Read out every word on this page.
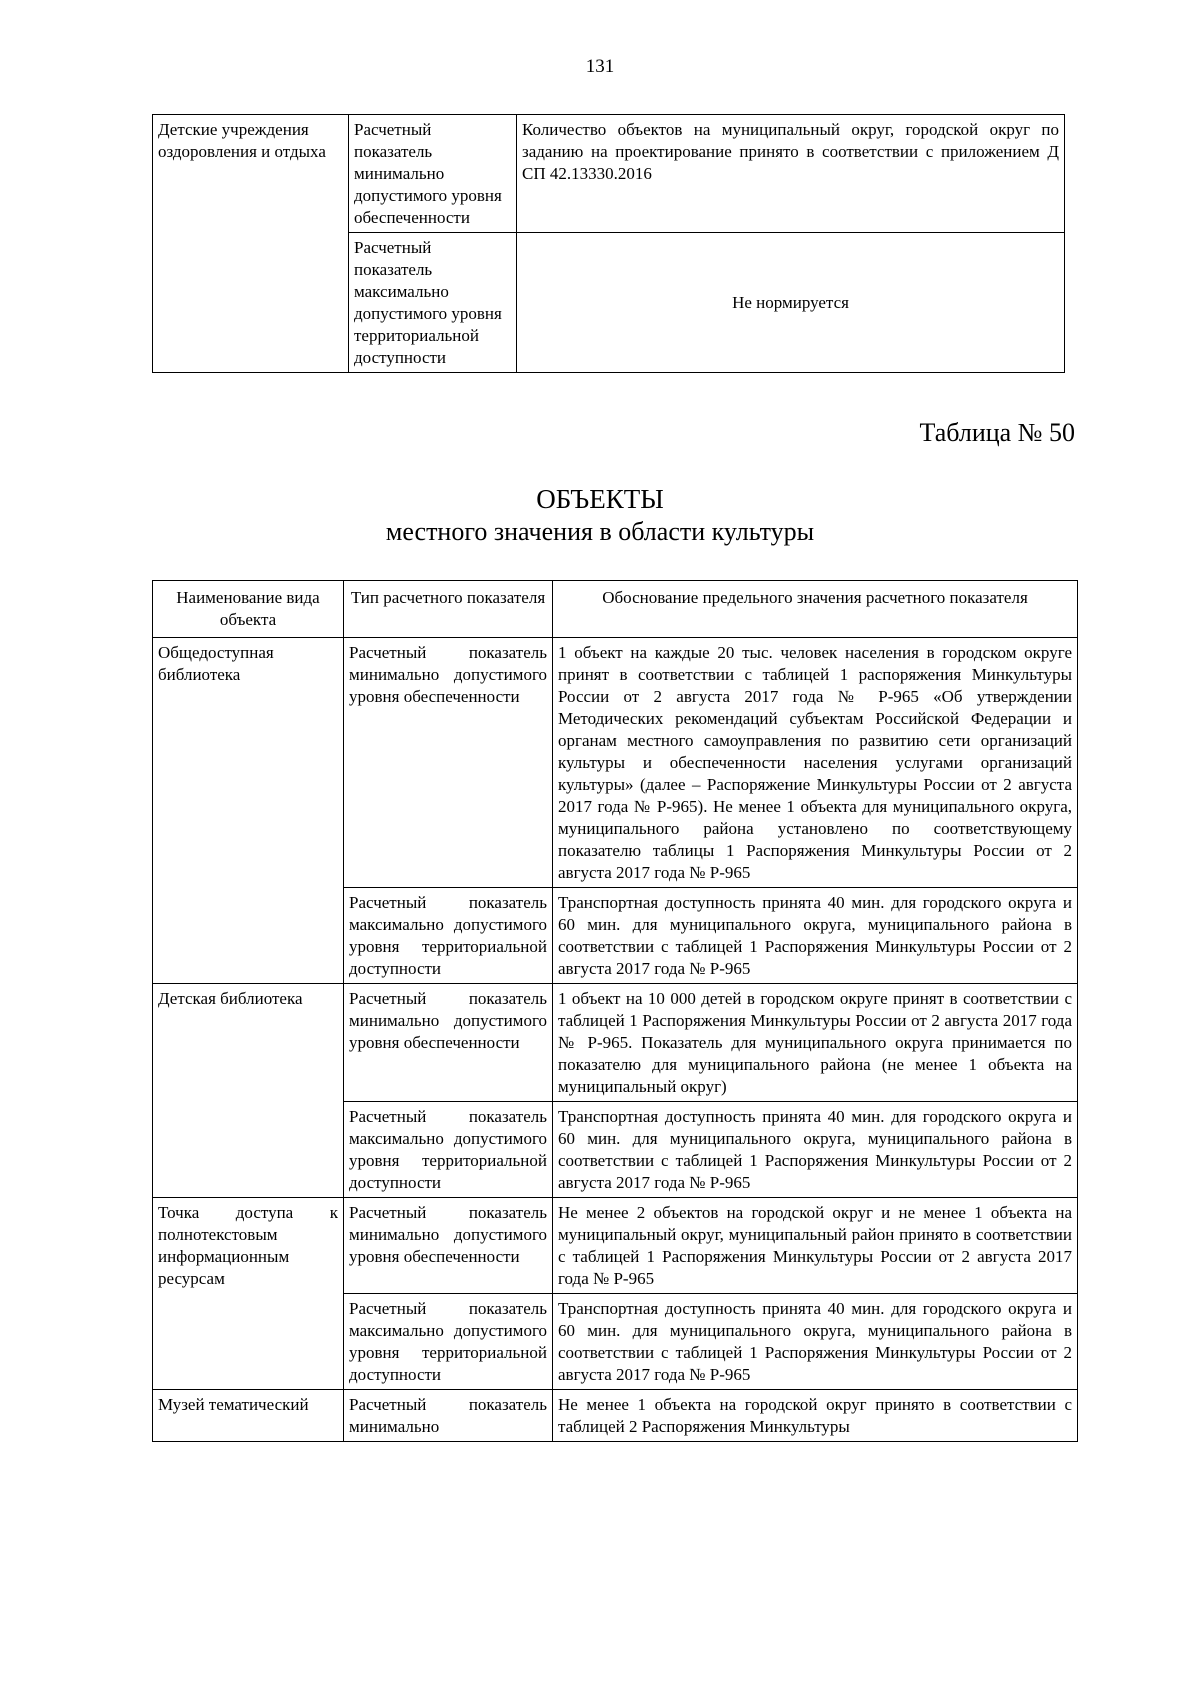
131
Детские учреждения оздоровления и отдыха	Расчетный показатель минимально допустимого уровня обеспеченности	Количество объектов на муниципальный округ, городской округ по заданию на проектирование принято в соответствии с приложением Д СП 42.13330.2016
	Расчетный показатель максимально допустимого уровня территориальной доступности	Не нормируется
Таблица № 50
ОБЪЕКТЫ
местного значения в области культуры
Наименование вида объекта	Тип расчетного показателя	Обоснование предельного значения расчетного показателя
Общедоступная библиотека	Расчетный показатель минимально допустимого уровня обеспеченности	1 объект на каждые 20 тыс. человек населения в городском округе принят в соответствии с таблицей 1 распоряжения Минкультуры России от 2 августа 2017 года № Р-965 «Об утверждении Методических рекомендаций субъектам Российской Федерации и органам местного самоуправления по развитию сети организаций культуры и обеспеченности населения услугами организаций культуры» (далее – Распоряжение Минкультуры России от 2 августа 2017 года № Р-965). Не менее 1 объекта для муниципального округа, муниципального района установлено по соответствующему показателю таблицы 1 Распоряжения Минкультуры России от 2 августа 2017 года № Р-965
	Расчетный показатель максимально допустимого уровня территориальной доступности	Транспортная доступность принята 40 мин. для городского округа и 60 мин. для муниципального округа, муниципального района в соответствии с таблицей 1 Распоряжения Минкультуры России от 2 августа 2017 года № Р-965
Детская библиотека	Расчетный показатель минимально допустимого уровня обеспеченности	1 объект на 10 000 детей в городском округе принят в соответствии с таблицей 1 Распоряжения Минкультуры России от 2 августа 2017 года № Р-965. Показатель для муниципального округа принимается по показателю для муниципального района (не менее 1 объекта на муниципальный округ)
	Расчетный показатель максимально допустимого уровня территориальной доступности	Транспортная доступность принята 40 мин. для городского округа и 60 мин. для муниципального округа, муниципального района в соответствии с таблицей 1 Распоряжения Минкультуры России от 2 августа 2017 года № Р-965
Точка доступа к полнотекстовым информационным ресурсам	Расчетный показатель минимально допустимого уровня обеспеченности	Не менее 2 объектов на городской округ и не менее 1 объекта на муниципальный округ, муниципальный район принято в соответствии с таблицей 1 Распоряжения Минкультуры России от 2 августа 2017 года № Р-965
	Расчетный показатель максимально допустимого уровня территориальной доступности	Транспортная доступность принята 40 мин. для городского округа и 60 мин. для муниципального округа, муниципального района в соответствии с таблицей 1 Распоряжения Минкультуры России от 2 августа 2017 года № Р-965
Музей тематический	Расчетный показатель минимально	Не менее 1 объекта на городской округ принято в соответствии с таблицей 2 Распоряжения Минкультуры
